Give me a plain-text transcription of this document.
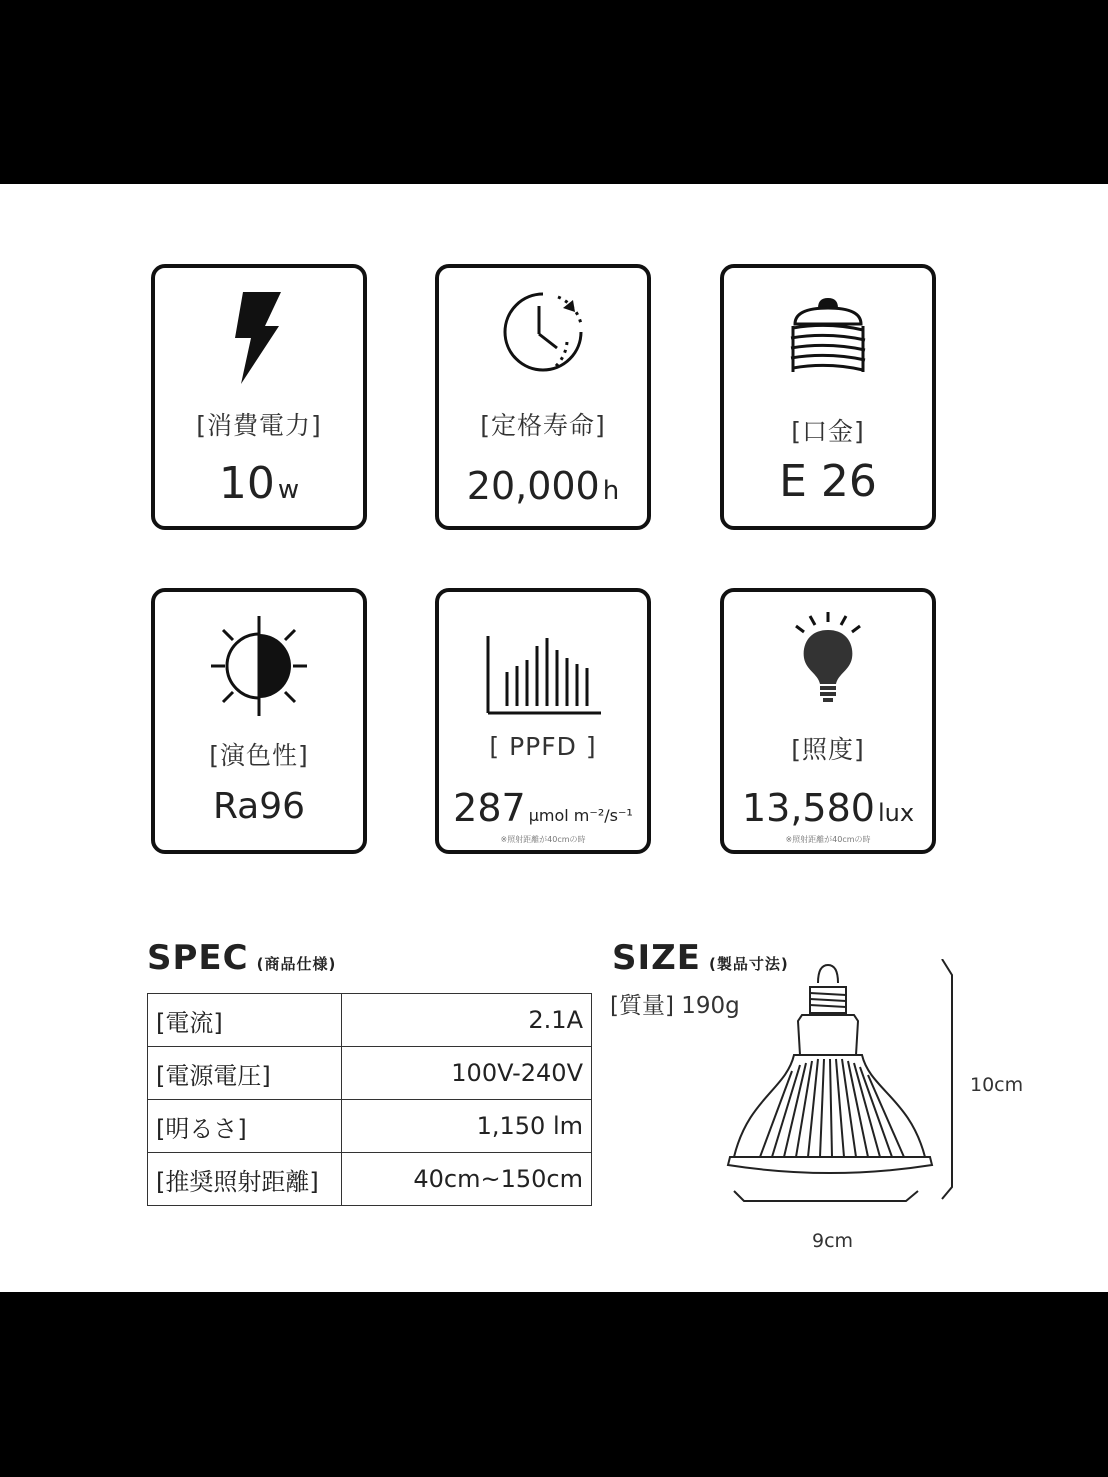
[消費電力]
10 w
[定格寿命]
20,000 h
[口金]
E 26
[演色性]
Ra96
[ PPFD ]
287 μmol m⁻²/s⁻¹
※照射距離が40cmの時
[照度]
13,580 lux
※照射距離が40cmの時
SPEC (商品仕様)
[電流]	2.1A
[電源電圧]	100V-240V
[明るさ]	1,150 lm
[推奨照射距離]	40cm~150cm
SIZE (製品寸法)
[質量] 190g
10cm
9cm
